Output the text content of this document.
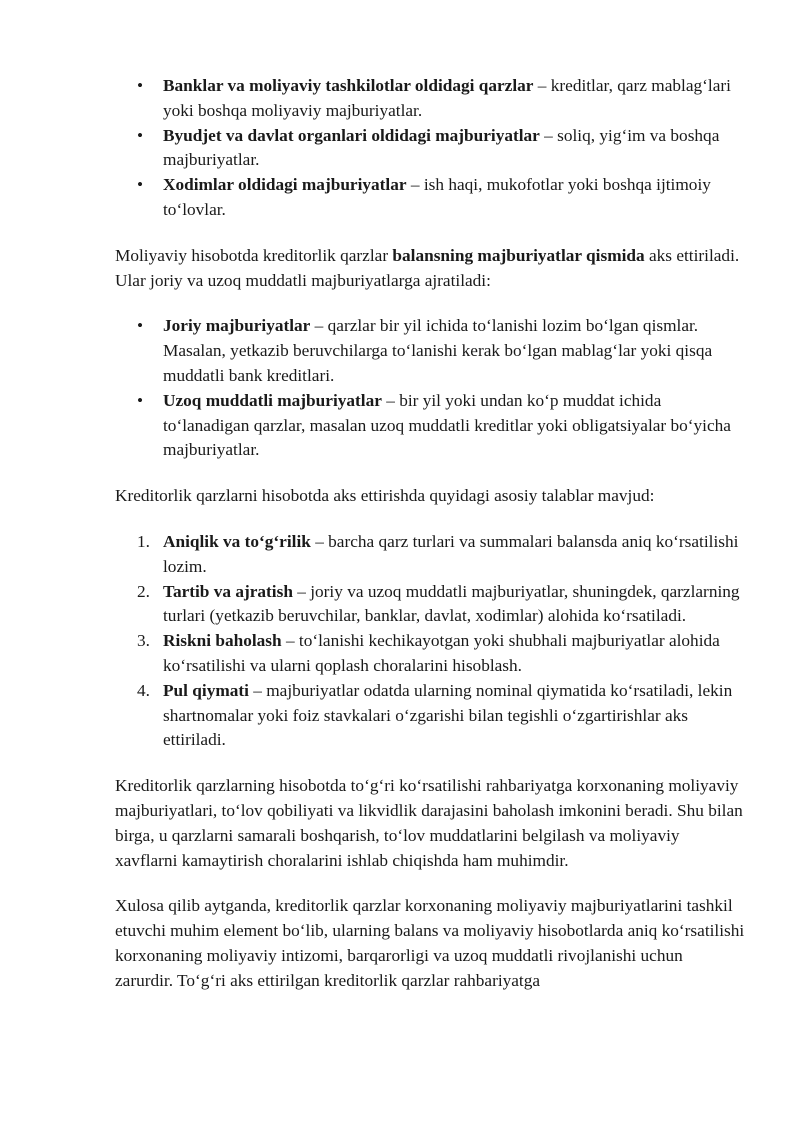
• Banklar va moliyaviy tashkilotlar oldidagi qarzlar – kreditlar, qarz mablag‘lari yoki boshqa moliyaviy majburiyatlar.
• Byudjet va davlat organlari oldidagi majburiyatlar – soliq, yig‘im va boshqa majburiyatlar.
• Xodimlar oldidagi majburiyatlar – ish haqi, mukofotlar yoki boshqa ijtimoiy to‘lovlar.

Moliyaviy hisobotda kreditorlik qarzlar balansning majburiyatlar qismida aks ettiriladi. Ular joriy va uzoq muddatli majburiyatlarga ajratiladi:

• Joriy majburiyatlar – qarzlar bir yil ichida to‘lanishi lozim bo‘lgan qismlar. Masalan, yetkazib beruvchilarga to‘lanishi kerak bo‘lgan mablag‘lar yoki qisqa muddatli bank kreditlari.
• Uzoq muddatli majburiyatlar – bir yil yoki undan ko‘p muddat ichida to‘lanadigan qarzlar, masalan uzoq muddatli kreditlar yoki obligatsiyalar bo‘yicha majburiyatlar.

Kreditorlik qarzlarni hisobotda aks ettirishda quyidagi asosiy talablar mavjud:

1. Aniqlik va to‘g‘rilik – barcha qarz turlari va summalari balansda aniq ko‘rsatilishi lozim.
2. Tartib va ajratish – joriy va uzoq muddatli majburiyatlar, shuningdek, qarzlarning turlari (yetkazib beruvchilar, banklar, davlat, xodimlar) alohida ko‘rsatiladi.
3. Riskni baholash – to‘lanishi kechikayotgan yoki shubhali majburiyatlar alohida ko‘rsatilishi va ularni qoplash choralarini hisoblash.
4. Pul qiymati – majburiyatlar odatda ularning nominal qiymatida ko‘rsatiladi, lekin shartnomalar yoki foiz stavkalari o‘zgarishi bilan tegishli o‘zgartirishlar aks ettiriladi.

Kreditorlik qarzlarning hisobotda to‘g‘ri ko‘rsatilishi rahbariyatga korxonaning moliyaviy majburiyatlari, to‘lov qobiliyati va likvidlik darajasini baholash imkonini beradi. Shu bilan birga, u qarzlarni samarali boshqarish, to‘lov muddatlarini belgilash va moliyaviy xavflarni kamaytirish choralarini ishlab chiqishda ham muhimdir.

Xulosa qilib aytganda, kreditorlik qarzlar korxonaning moliyaviy majburiyatlarini tashkil etuvchi muhim element bo‘lib, ularning balans va moliyaviy hisobotlarda aniq ko‘rsatilishi korxonaning moliyaviy intizomi, barqarorligi va uzoq muddatli rivojlanishi uchun zarurdir. To‘g‘ri aks ettirilgan kreditorlik qarzlar rahbariyatga
